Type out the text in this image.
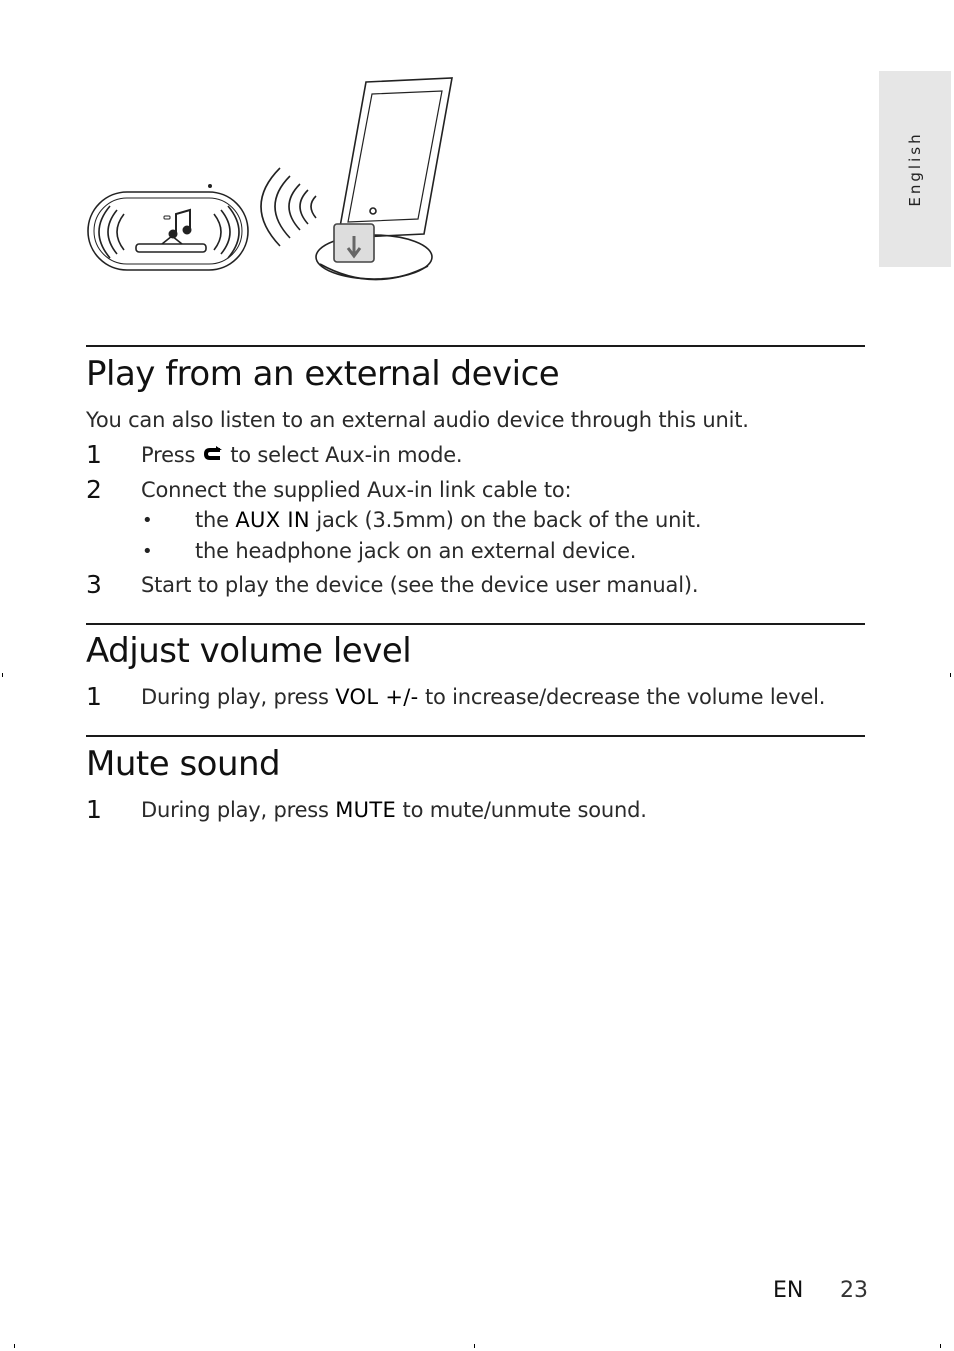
English
Play from an external device
You can also listen to an external audio device through this unit.
1 Press to select Aux-in mode.
2 Connect the supplied Aux-in link cable to:
• the AUX IN jack (3.5mm) on the back of the unit.
• the headphone jack on an external device.
3 Start to play the device (see the device user manual).
Adjust volume level
1 During play, press VOL +/- to increase/decrease the volume level.
Mute sound
1 During play, press MUTE to mute/unmute sound.
EN 23
